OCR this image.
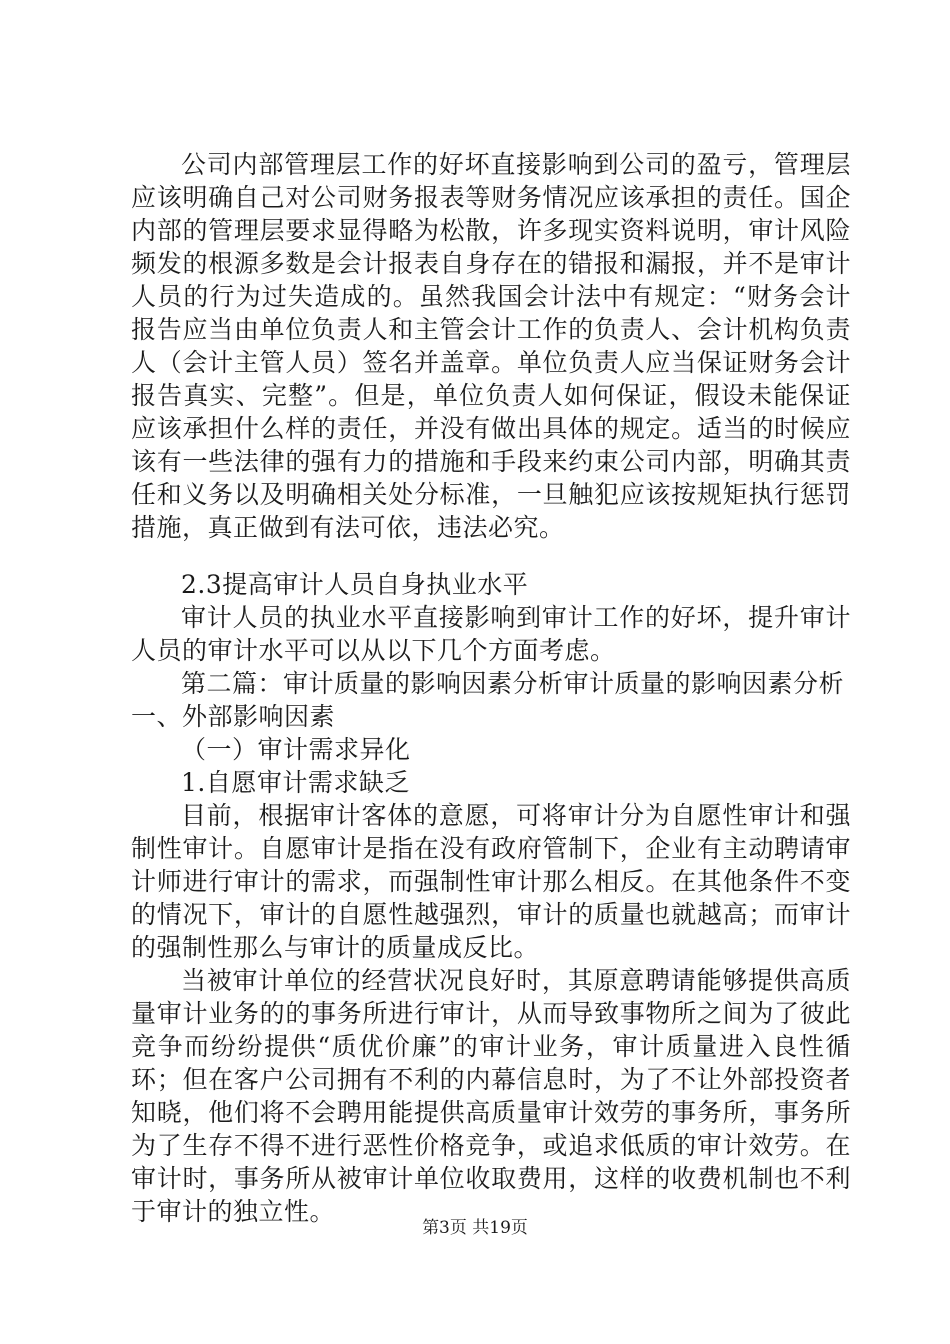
公司内部管理层工作的好坏直接影响到公司的盈亏，管理层应该明确自己对公司财务报表等财务情况应该承担的责任。国企内部的管理层要求显得略为松散，许多现实资料说明，审计风险频发的根源多数是会计报表自身存在的错报和漏报，并不是审计人员的行为过失造成的。虽然我国会计法中有规定：“财务会计报告应当由单位负责人和主管会计工作的负责人、会计机构负责人（会计主管人员）签名并盖章。单位负责人应当保证财务会计报告真实、完整”。但是，单位负责人如何保证，假设未能保证应该承担什么样的责任，并没有做出具体的规定。适当的时候应该有一些法律的强有力的措施和手段来约束公司内部，明确其责任和义务以及明确相关处分标准，一旦触犯应该按规矩执行惩罚措施，真正做到有法可依，违法必究。

2.3提高审计人员自身执业水平

审计人员的执业水平直接影响到审计工作的好坏，提升审计人员的审计水平可以从以下几个方面考虑。

第二篇：审计质量的影响因素分析审计质量的影响因素分析

一、外部影响因素

（一）审计需求异化

1.自愿审计需求缺乏

目前，根据审计客体的意愿，可将审计分为自愿性审计和强制性审计。自愿审计是指在没有政府管制下，企业有主动聘请审计师进行审计的需求，而强制性审计那么相反。在其他条件不变的情况下，审计的自愿性越强烈，审计的质量也就越高；而审计的强制性那么与审计的质量成反比。

当被审计单位的经营状况良好时，其原意聘请能够提供高质量审计业务的的事务所进行审计，从而导致事物所之间为了彼此竞争而纷纷提供“质优价廉”的审计业务，审计质量进入良性循环；但在客户公司拥有不利的内幕信息时，为了不让外部投资者知晓，他们将不会聘用能提供高质量审计效劳的事务所，事务所为了生存不得不进行恶性价格竞争，或追求低质的审计效劳。在审计时，事务所从被审计单位收取费用，这样的收费机制也不利于审计的独立性。

第3页 共19页
